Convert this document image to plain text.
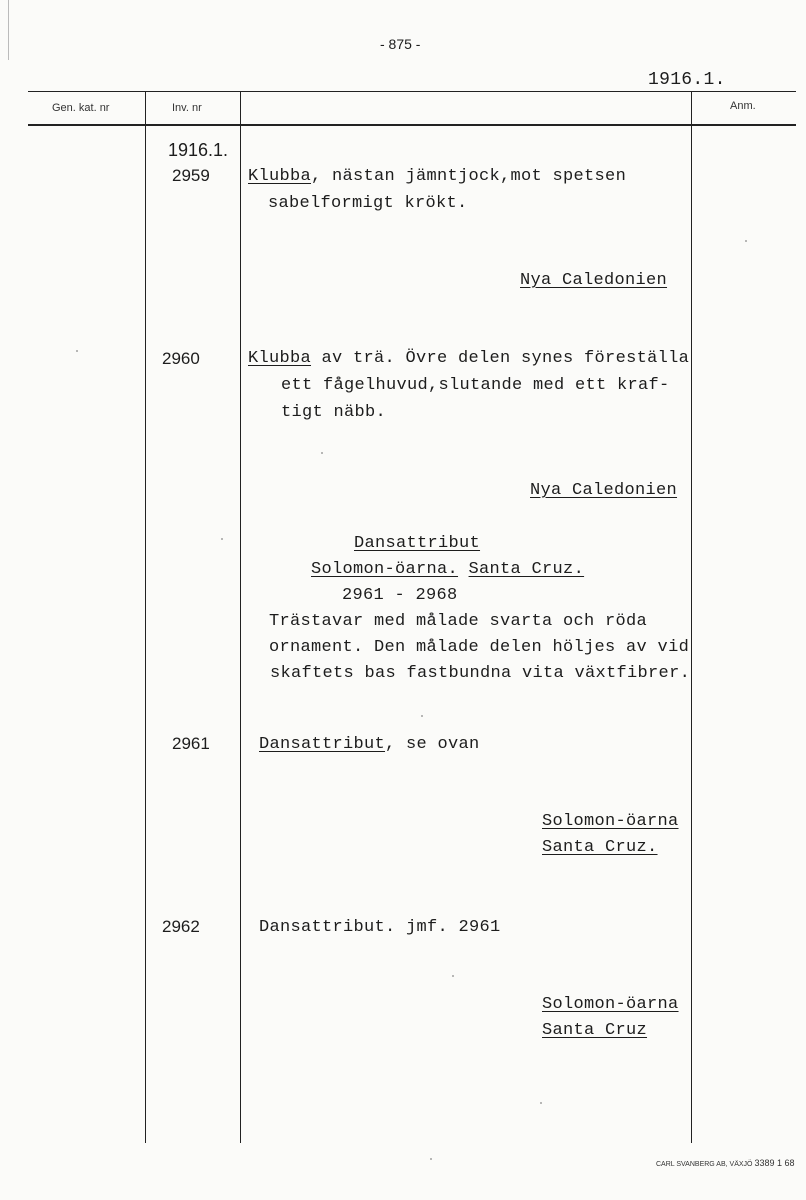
- 875 -
1916.1.
Gen. kat. nr	Inv. nr	Anm.
1916.1.
2959 Klubba, nästan jämntjock,mot spetsen
sabelformigt krökt.
Nya Caledonien
2960	Klubba av trä. Övre delen synes föreställa
ett fågelhuvud,slutande med ett kraf-
tigt näbb.
Nya Caledonien
Dansattribut
Solomon-öarna. Santa Cruz.
2961 - 2968
Trästavar med målade svarta och röda
ornament. Den målade delen höljes av vid
skaftets bas fastbundna vita växtfibrer.
2961	Dansattribut, se ovan
Solomon-öarna
Santa Cruz.
2962	Dansattribut. jmf. 2961
Solomon-öarna
Santa Cruz
CARL SVANBERG AB, VÄXJÖ 3389 1 68
